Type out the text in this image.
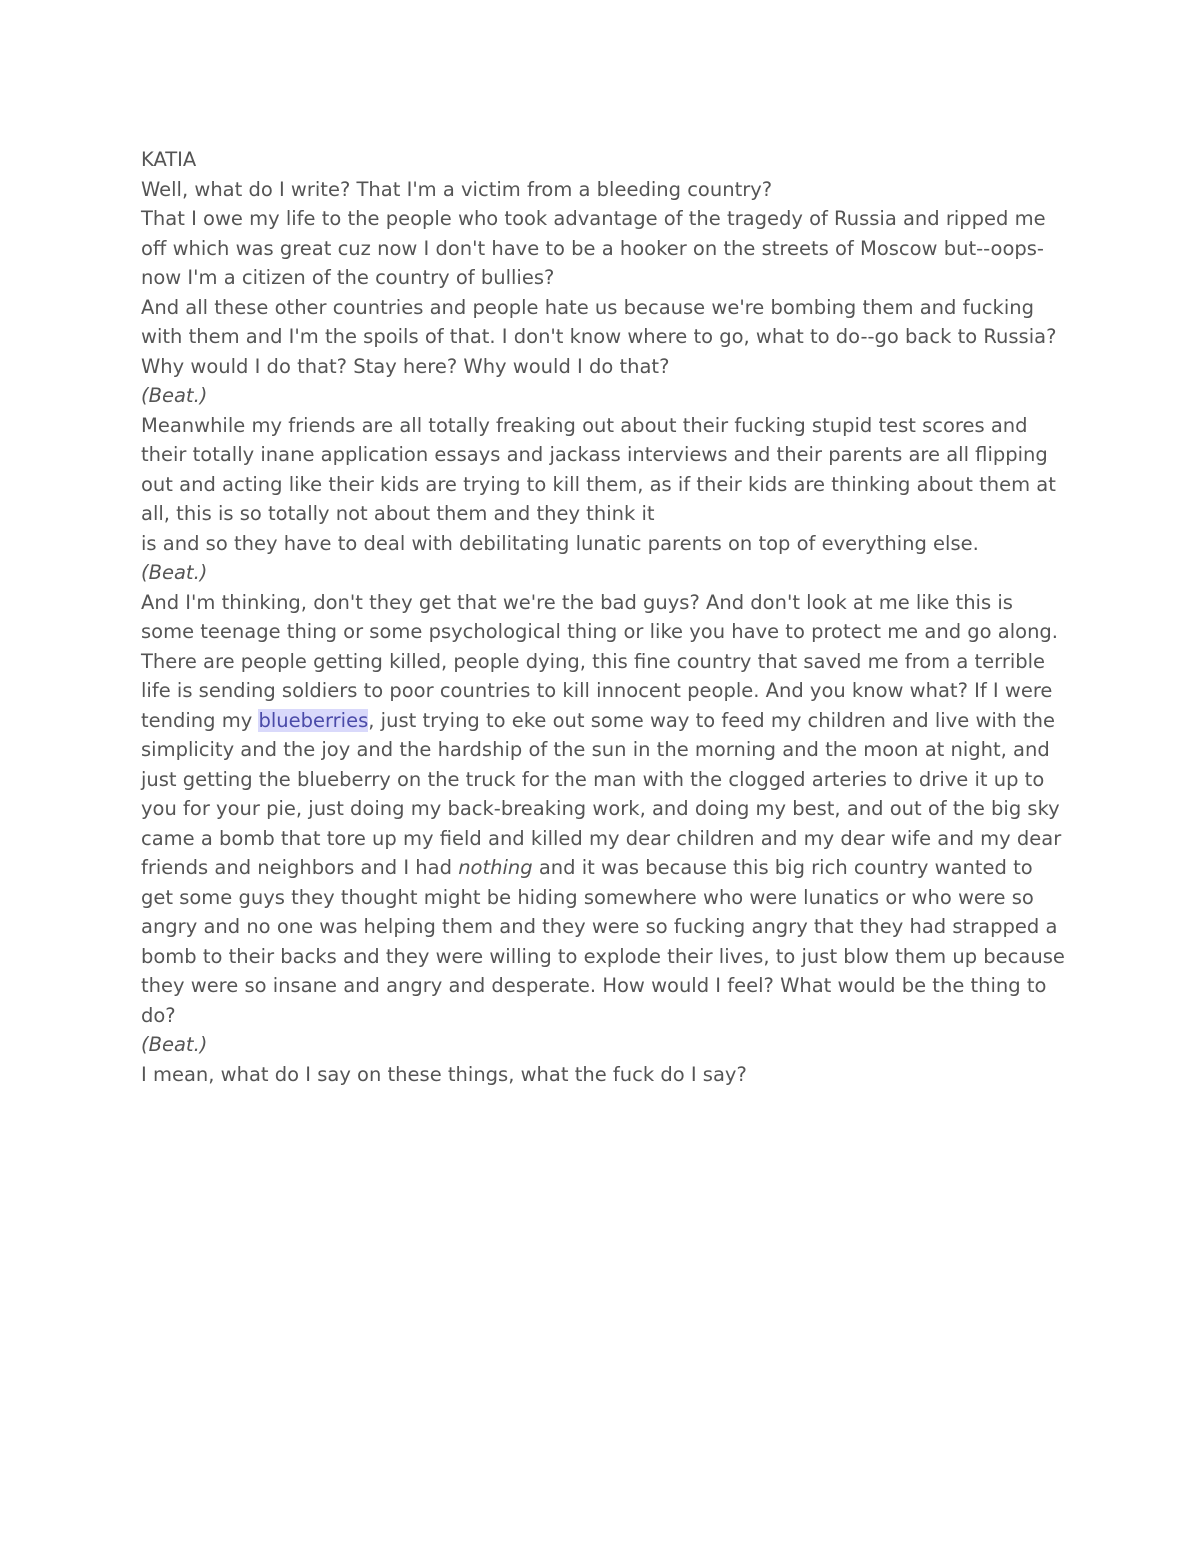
KATIA

Well, what do I write? That I'm a victim from a bleeding country?

That I owe my life to the people who took advantage of the tragedy of Russia and ripped me off which was great cuz now I don't have to be a hooker on the streets of Moscow but--oops-now I'm a citizen of the country of bullies?

And all these other countries and people hate us because we're bombing them and fucking with them and I'm the spoils of that. I don't know where to go, what to do--go back to Russia? Why would I do that? Stay here? Why would I do that?

(Beat.)

Meanwhile my friends are all totally freaking out about their fucking stupid test scores and their totally inane application essays and jackass interviews and their parents are all flipping out and acting like their kids are trying to kill them, as if their kids are thinking about them at all, this is so totally not about them and they think it

is and so they have to deal with debilitating lunatic parents on top of everything else.

(Beat.)

And I'm thinking, don't they get that we're the bad guys? And don't look at me like this is some teenage thing or some psychological thing or like you have to protect me and go along. There are people getting killed, people dying, this fine country that saved me from a terrible life is sending soldiers to poor countries to kill innocent people. And you know what? If I were tending my blueberries, just trying to eke out some way to feed my children and live with the simplicity and the joy and the hardship of the sun in the morning and the moon at night, and just getting the blueberry on the truck for the man with the clogged arteries to drive it up to you for your pie, just doing my back-breaking work, and doing my best, and out of the big sky came a bomb that tore up my field and killed my dear children and my dear wife and my dear friends and neighbors and I had nothing and it was because this big rich country wanted to get some guys they thought might be hiding somewhere who were lunatics or who were so angry and no one was helping them and they were so fucking angry that they had strapped a bomb to their backs and they were willing to explode their lives, to just blow them up because they were so insane and angry and desperate. How would I feel? What would be the thing to do?

(Beat.)

I mean, what do I say on these things, what the fuck do I say?
